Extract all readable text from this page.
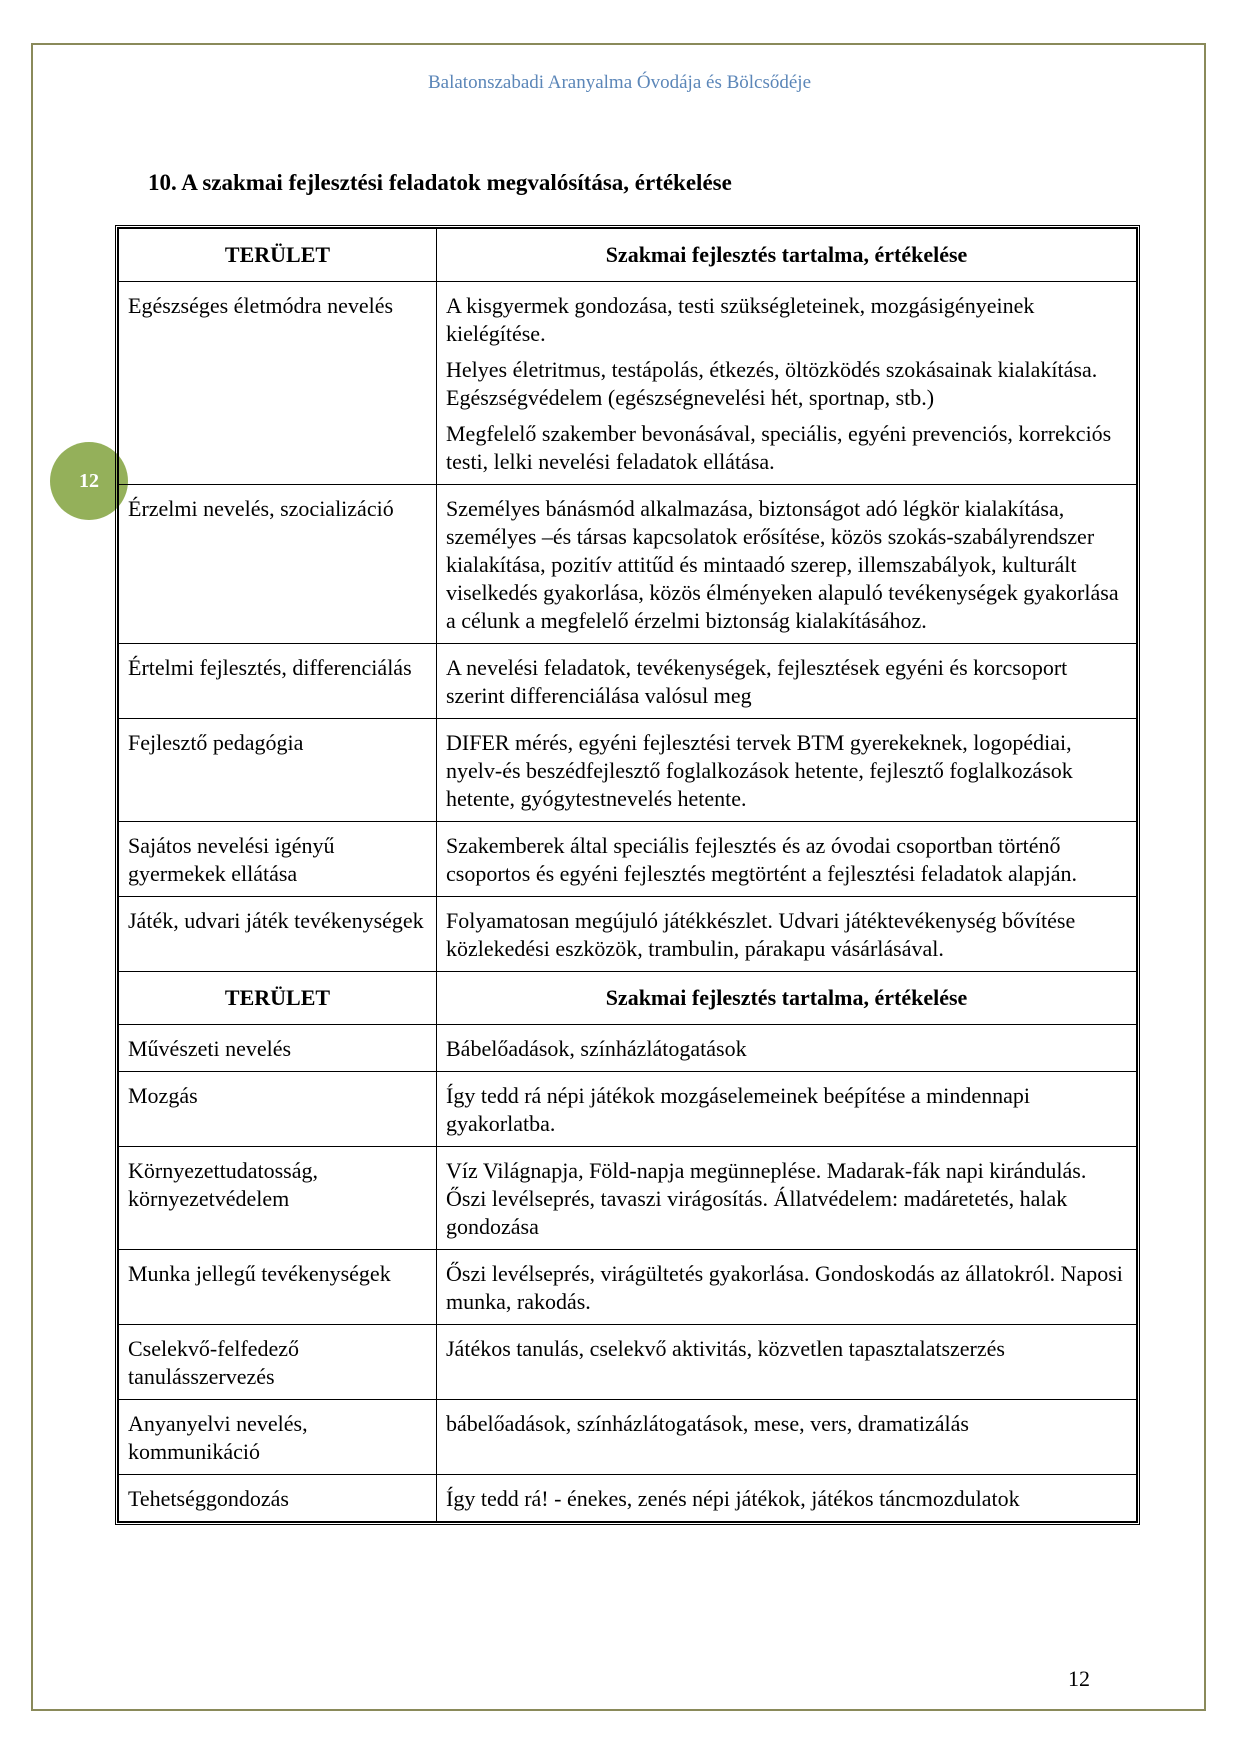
Balatonszabadi Aranyalma Óvodája és Bölcsődéje
10. A szakmai fejlesztési feladatok megvalósítása, értékelése
12
TERÜLET	Szakmai fejlesztés tartalma, értékelése
Egészséges életmódra nevelés	A kisgyermek gondozása, testi szükségleteinek, mozgásigényeinek kielégítése.
Helyes életritmus, testápolás, étkezés, öltözködés szokásainak kialakítása. Egészségvédelem (egészségnevelési hét, sportnap, stb.)
Megfelelő szakember bevonásával, speciális, egyéni prevenciós, korrekciós testi, lelki nevelési feladatok ellátása.

Érzelmi nevelés, szocializáció	Személyes bánásmód alkalmazása, biztonságot adó légkör kialakítása, személyes –és társas kapcsolatok erősítése, közös szokás-szabályrendszer kialakítása, pozitív attitűd és mintaadó szerep, illemszabályok, kulturált viselkedés gyakorlása, közös élményeken alapuló tevékenységek gyakorlása a célunk a megfelelő érzelmi biztonság kialakításához.

Értelmi fejlesztés, differenciálás	A nevelési feladatok, tevékenységek, fejlesztések egyéni és korcsoport szerint differenciálása valósul meg

Fejlesztő pedagógia	DIFER mérés, egyéni fejlesztési tervek BTM gyerekeknek, logopédiai, nyelv-és beszédfejlesztő foglalkozások hetente, fejlesztő foglalkozások hetente, gyógytestnevelés hetente.

Sajátos nevelési igényű gyermekek ellátása	Szakemberek által speciális fejlesztés és az óvodai csoportban történő csoportos és egyéni fejlesztés megtörtént a fejlesztési feladatok alapján.

Játék, udvari játék tevékenységek	Folyamatosan megújuló játékkészlet. Udvari játéktevékenység bővítése közlekedési eszközök, trambulin, párakapu vásárlásával.

TERÜLET	Szakmai fejlesztés tartalma, értékelése
Művészeti nevelés	Bábelőadások, színházlátogatások

Mozgás	Így tedd rá népi játékok mozgáselemeinek beépítése a mindennapi gyakorlatba.

Környezettudatosság, környezetvédelem	Víz Világnapja, Föld-napja megünneplése. Madarak-fák napi kirándulás. Őszi levélseprés, tavaszi virágosítás. Állatvédelem: madáretetés, halak gondozása

Munka jellegű tevékenységek	Őszi levélseprés, virágültetés gyakorlása. Gondoskodás az állatokról. Naposi munka, rakodás.

Cselekvő-felfedező tanulásszervezés	Játékos tanulás, cselekvő aktivitás, közvetlen tapasztalatszerzés

Anyanyelvi nevelés, kommunikáció	bábelőadások, színházlátogatások, mese, vers, dramatizálás

Tehetséggondozás	Így tedd rá! - énekes, zenés népi játékok, játékos táncmozdulatok
12
